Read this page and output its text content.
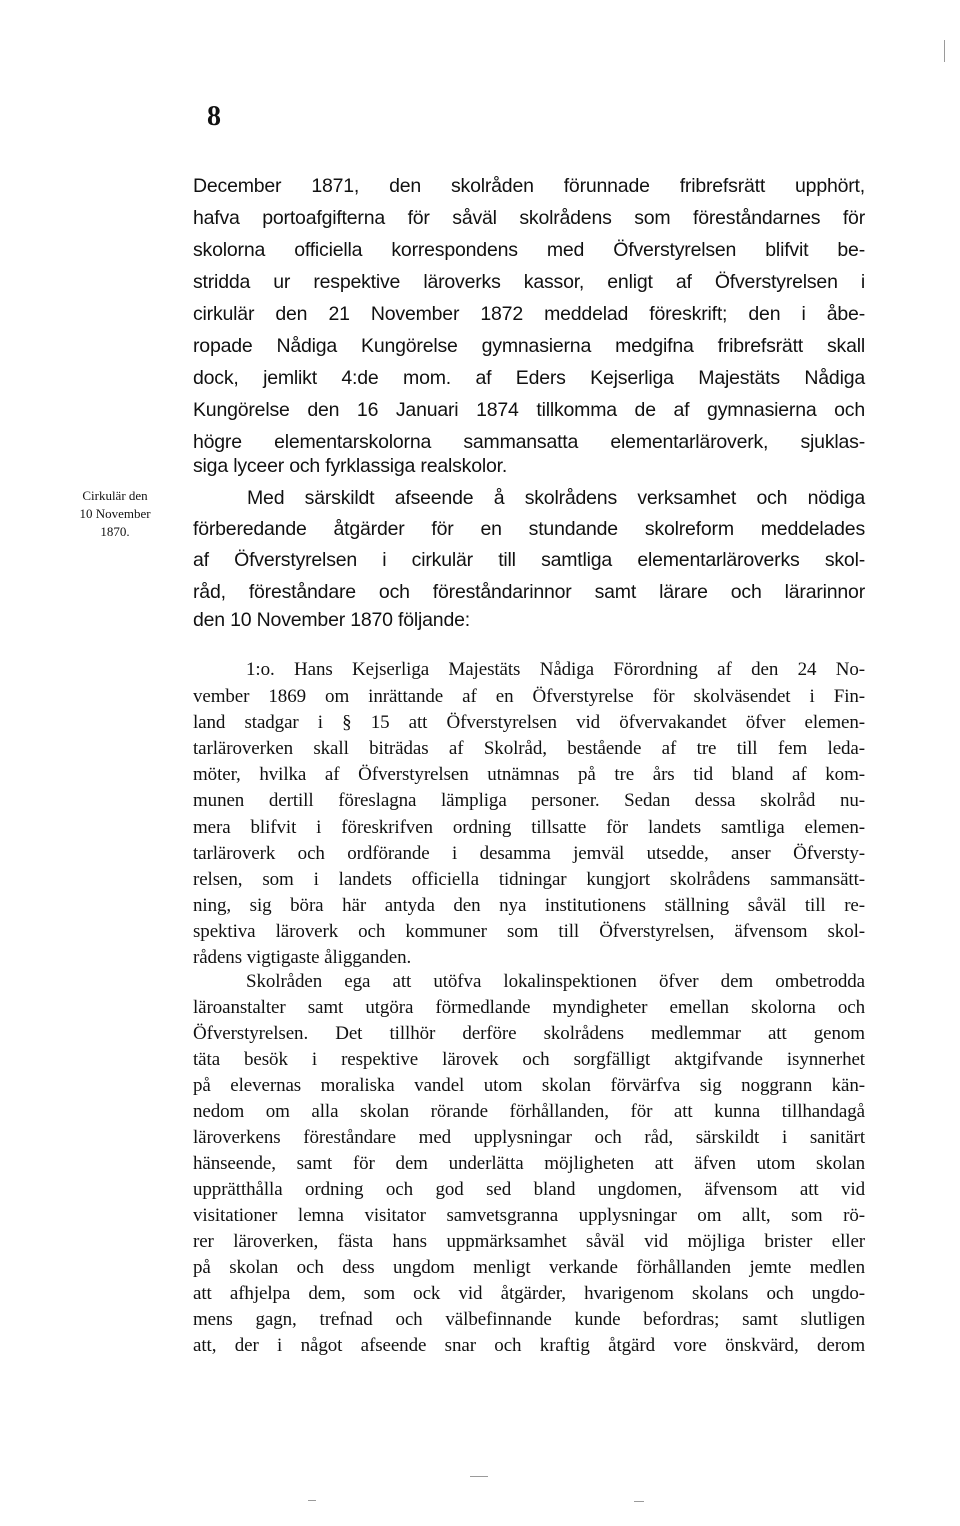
8
Cirkulär den
10 November
1870.
December 1871, den skolråden förunnade fribrefsrätt upphört,
hafva portoafgifterna för såväl skolrådens som föreståndarnes för
skolorna officiella korrespondens med Öfverstyrelsen blifvit be-
stridda ur respektive läroverks kassor, enligt af Öfverstyrelsen i
cirkulär den 21 November 1872 meddelad föreskrift; den i åbe-
ropade Nådiga Kungörelse gymnasierna medgifna fribrefsrätt skall
dock, jemlikt 4:de mom. af Eders Kejserliga Majestäts Nådiga
Kungörelse den 16 Januari 1874 tillkomma de af gymnasierna och
högre elementarskolorna sammansatta elementarläroverk, sjuklas-
siga lyceer och fyrklassiga realskolor.
Med särskildt afseende å skolrådens verksamhet och nödiga
förberedande åtgärder för en stundande skolreform meddelades
af Öfverstyrelsen i cirkulär till samtliga elementarläroverks skol-
råd, föreståndare och föreståndarinnor samt lärare och lärarinnor
den 10 November 1870 följande:
1:o. Hans Kejserliga Majestäts Nådiga Förordning af den 24 No-
vember 1869 om inrättande af en Öfverstyrelse för skolväsendet i Fin-
land stadgar i § 15 att Öfverstyrelsen vid öfvervakandet öfver elemen-
tarläroverken skall biträdas af Skolråd, bestående af tre till fem leda-
möter, hvilka af Öfverstyrelsen utnämnas på tre års tid bland af kom-
munen dertill föreslagna lämpliga personer. Sedan dessa skolråd nu-
mera blifvit i föreskrifven ordning tillsatte för landets samtliga elemen-
tarläroverk och ordförande i desamma jemväl utsedde, anser Öfversty-
relsen, som i landets officiella tidningar kungjort skolrådens sammansätt-
ning, sig böra här antyda den nya institutionens ställning såväl till re-
spektiva läroverk och kommuner som till Öfverstyrelsen, äfvensom skol-
rådens vigtigaste åligganden.
Skolråden ega att utöfva lokalinspektionen öfver dem ombetrodda
läroanstalter samt utgöra förmedlande myndigheter emellan skolorna och
Öfverstyrelsen. Det tillhör derföre skolrådens medlemmar att genom
täta besök i respektive lärovek och sorgfälligt aktgifvande isynnerhet
på elevernas moraliska vandel utom skolan förvärfva sig noggrann kän-
nedom om alla skolan rörande förhållanden, för att kunna tillhandagå
läroverkens föreståndare med upplysningar och råd, särskildt i sanitärt
hänseende, samt för dem underlätta möjligheten att äfven utom skolan
upprätthålla ordning och god sed bland ungdomen, äfvensom att vid
visitationer lemna visitator samvetsgranna upplysningar om allt, som rö-
rer läroverken, fästa hans uppmärksamhet såväl vid möjliga brister eller
på skolan och dess ungdom menligt verkande förhållanden jemte medlen
att afhjelpa dem, som ock vid åtgärder, hvarigenom skolans och ungdo-
mens gagn, trefnad och välbefinnande kunde befordras; samt slutligen
att, der i något afseende snar och kraftig åtgärd vore önskvärd, derom
